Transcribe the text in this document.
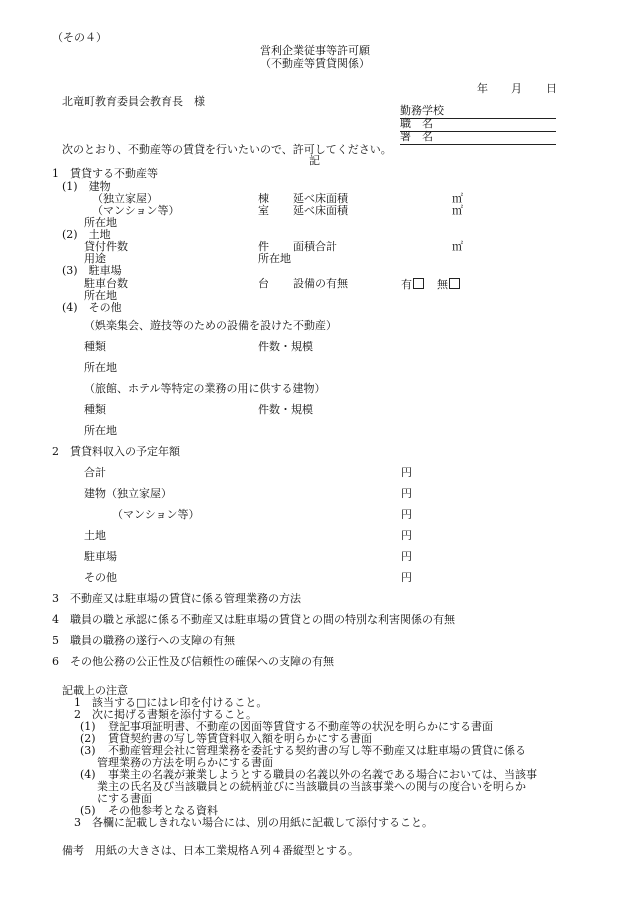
（その４）
営利企業従事等許可願
（不動産等賃貸関係）
年 月 日
北竜町教育委員会教育長　様
勤務学校
職　名
署　名
次のとおり、不動産等の賃貸を行いたいので、許可してください。
記
1　賃貸する不動産等
(1)　建物
（独立家屋）	棟 延べ床面積	㎡
（マンション等）	室 延べ床面積	㎡
所在地
(2)　土地
貸付件数	件 面積合計	㎡
用途	所在地
(3)　駐車場
駐車台数	台 設備の有無	有	無
所在地
(4)　その他
（娯楽集会、遊技等のための設備を設けた不動産）
種類	件数・規模
所在地
（旅館、ホテル等特定の業務の用に供する建物）
種類	件数・規模
所在地
2　賃貸料収入の予定年額
合計	円
建物（独立家屋）	円
（マンション等）	円
土地	円
駐車場	円
その他	円
3　不動産又は駐車場の賃貸に係る管理業務の方法
4　職員の職と承認に係る不動産又は駐車場の賃貸との間の特別な利害関係の有無
5　職員の職務の遂行への支障の有無
6　その他公務の公正性及び信頼性の確保への支障の有無
記載上の注意
1　該当する□にはレ印を付けること。
2　次に掲げる書類を添付すること。
(1) 登記事項証明書、不動産の図面等賃貸する不動産等の状況を明らかにする書面
(2) 賃貸契約書の写し等賃貸料収入額を明らかにする書面
(3) 不動産管理会社に管理業務を委託する契約書の写し等不動産又は駐車場の賃貸に係る
管理業務の方法を明らかにする書面
(4) 事業主の名義が兼業しようとする職員の名義以外の名義である場合においては、当該事
業主の氏名及び当該職員との続柄並びに当該職員の当該事業への関与の度合いを明らか
にする書面
(5) その他参考となる資料
3　各欄に記載しきれない場合には、別の用紙に記載して添付すること。
備考　用紙の大きさは、日本工業規格Ａ列４番縦型とする。
